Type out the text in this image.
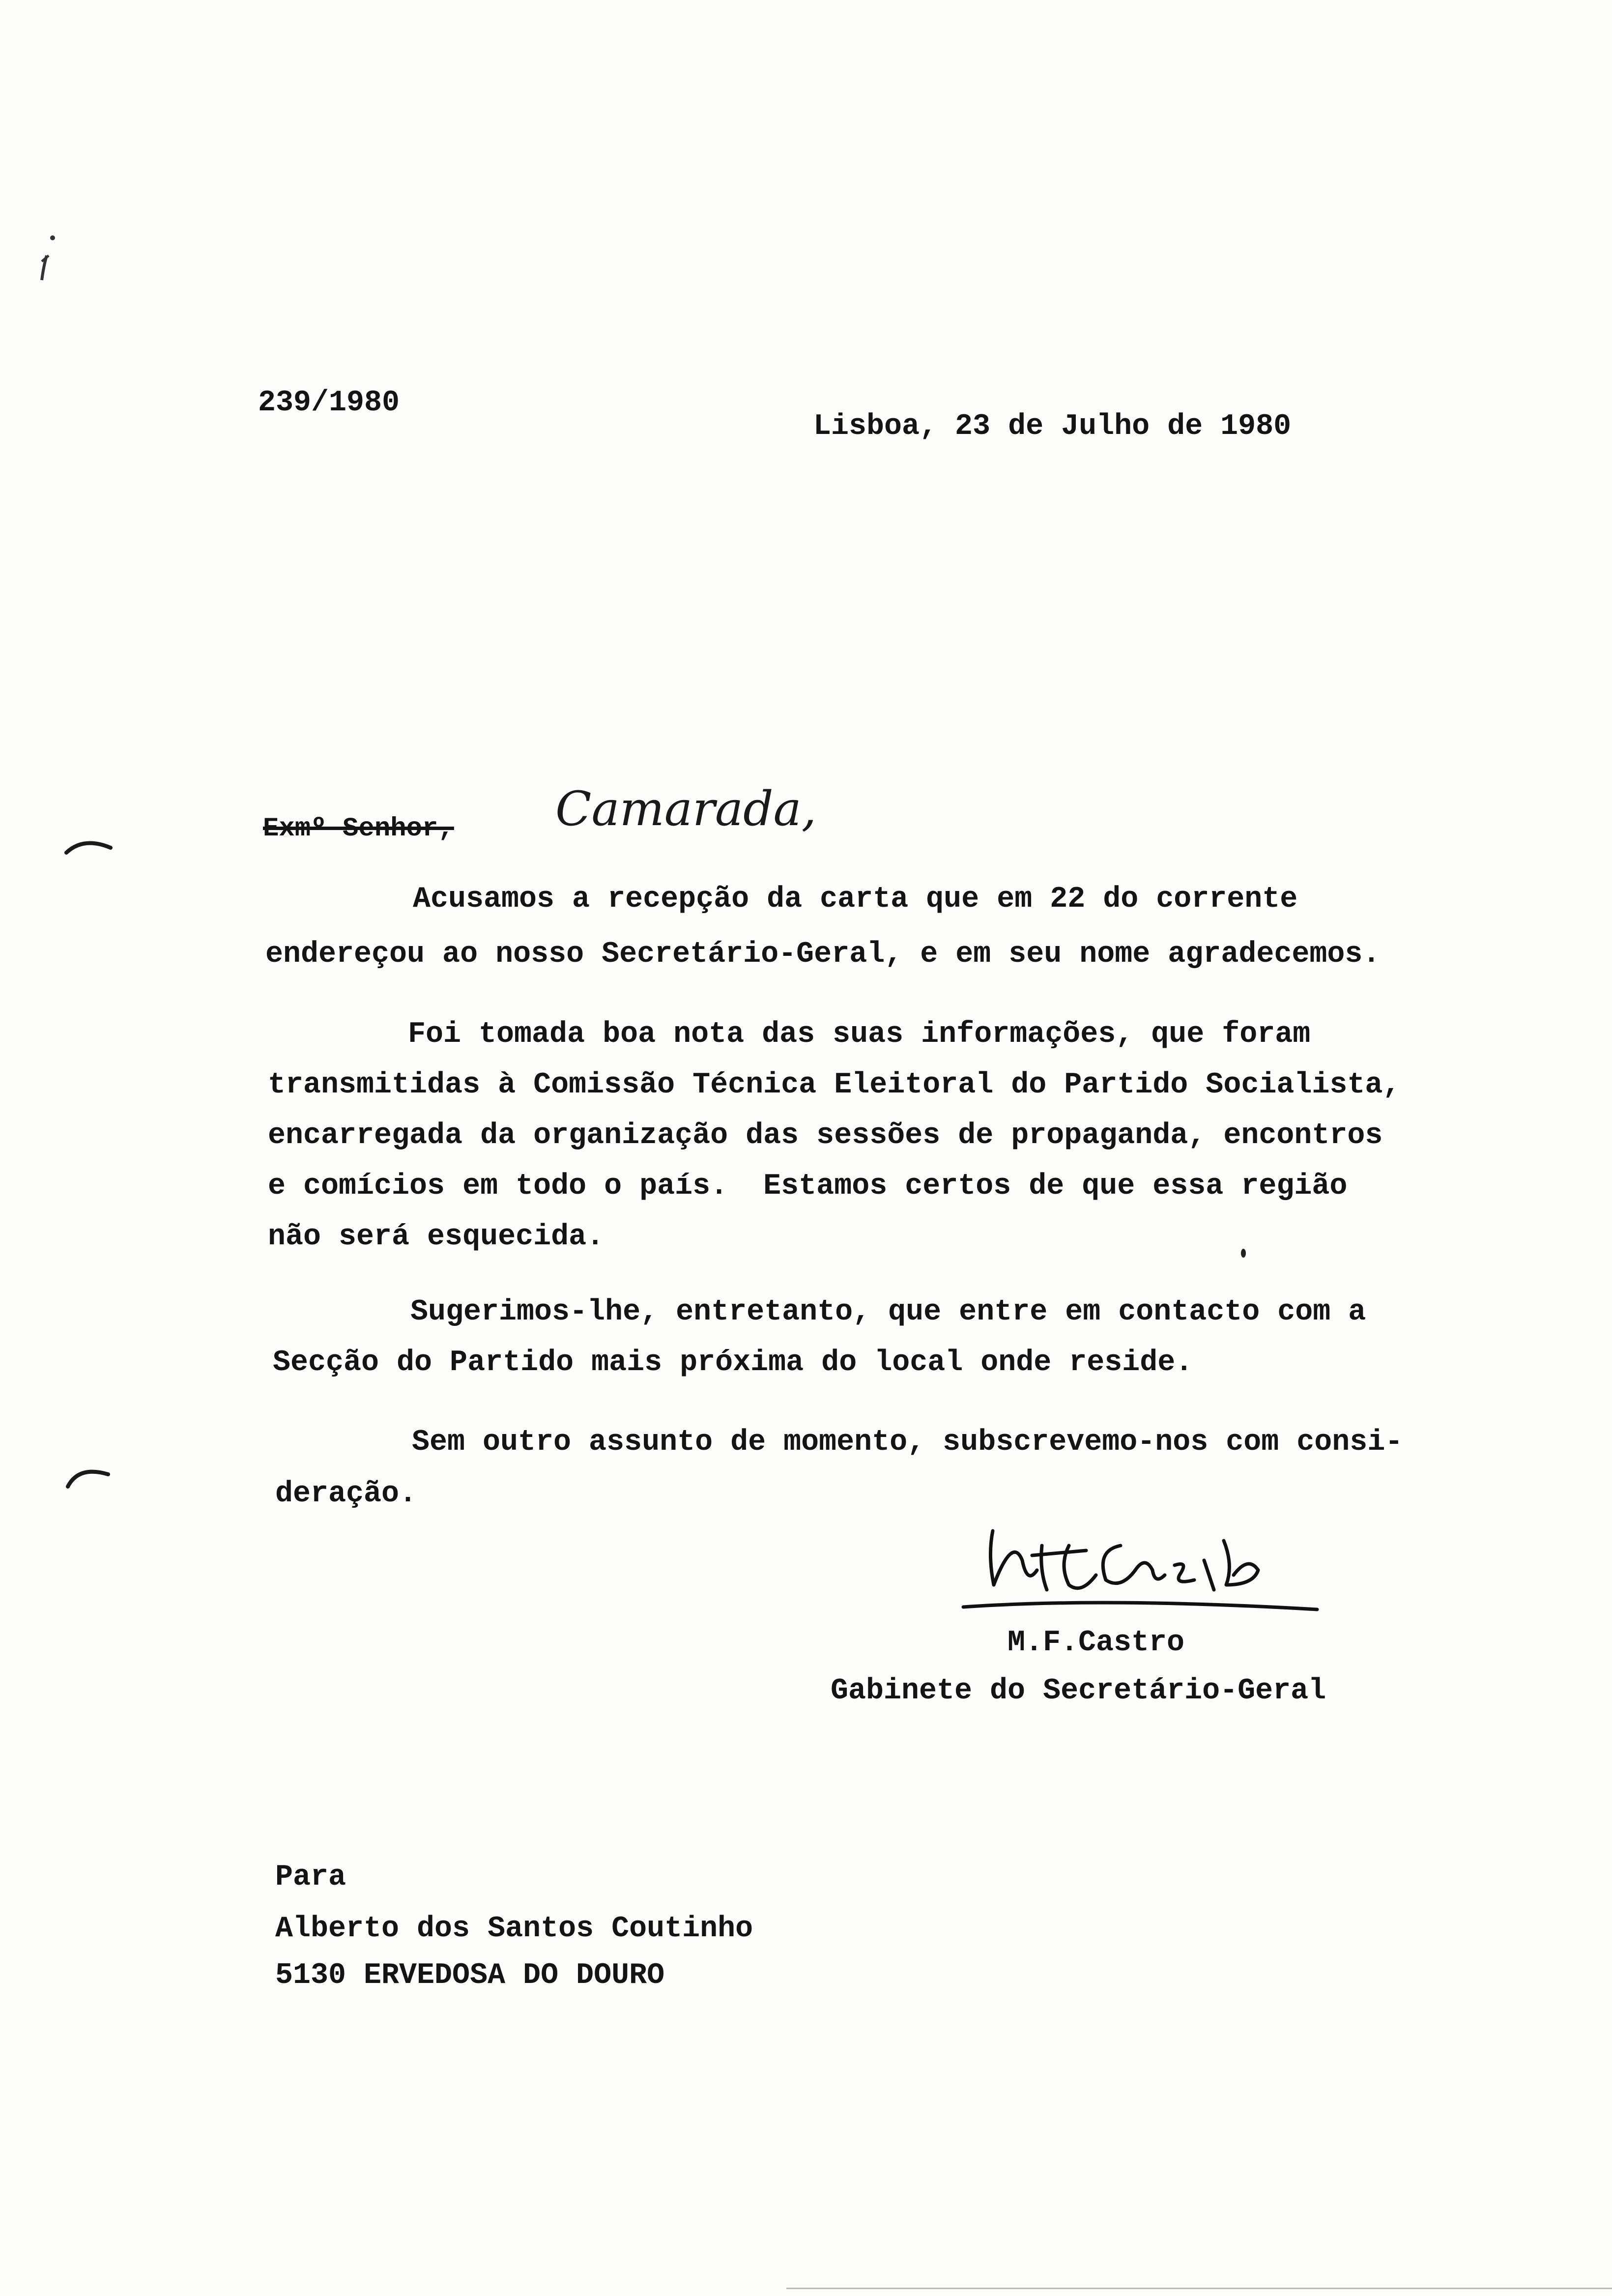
239/1980

Lisboa, 23 de Julho de 1980

Exmº Senhor, Camarada,

Acusamos a recepção da carta que em 22 do corrente

endereçou ao nosso Secretário-Geral, e em seu nome agradecemos.

Foi tomada boa nota das suas informações, que foram

transmitidas à Comissão Técnica Eleitoral do Partido Socialista,

encarregada da organização das sessões de propaganda, encontros

e comícios em todo o país.  Estamos certos de que essa região

não será esquecida.

Sugerimos-lhe, entretanto, que entre em contacto com a

Secção do Partido mais próxima do local onde reside.

Sem outro assunto de momento, subscrevemo-nos com consi-

deração.

M.F.Castro

Gabinete do Secretário-Geral

Para

Alberto dos Santos Coutinho

5130 ERVEDOSA DO DOURO
